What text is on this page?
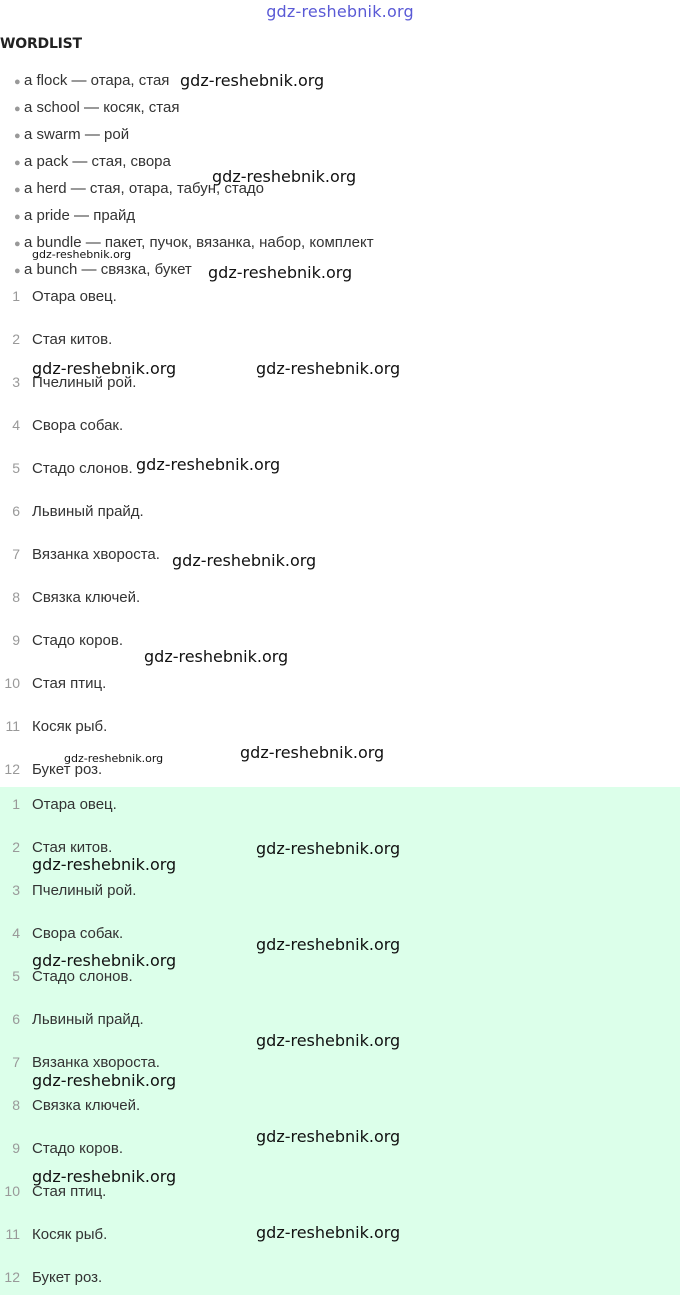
gdz-reshebnik.org
WORDLIST
● a flock — отара, стая
● a school — косяк, стая
● a swarm — рой
● a pack — стая, свора
● a herd — стая, отара, табун, стадо
● a pride — прайд
● a bundle — пакет, пучок, вязанка, набор, комплект
● a bunch — связка, букет
1 Отара овец.
2 Стая китов.
3 Пчелиный рой.
4 Свора собак.
5 Стадо слонов.
6 Львиный прайд.
7 Вязанка хвороста.
8 Связка ключей.
9 Стадо коров.
10 Стая птиц.
11 Косяк рыб.
12 Букет роз.
1 Отара овец.
2 Стая китов.
3 Пчелиный рой.
4 Свора собак.
5 Стадо слонов.
6 Львиный прайд.
7 Вязанка хвороста.
8 Связка ключей.
9 Стадо коров.
10 Стая птиц.
11 Косяк рыб.
12 Букет роз.
gdz-reshebnik.org
gdz-reshebnik.org
gdz-reshebnik.org
gdz-reshebnik.org
gdz-reshebnik.org	gdz-reshebnik.org
gdz-reshebnik.org
gdz-reshebnik.org
gdz-reshebnik.org
gdz-reshebnik.org
gdz-reshebnik.org
gdz-reshebnik.org
gdz-reshebnik.org
gdz-reshebnik.org
gdz-reshebnik.org
gdz-reshebnik.org
gdz-reshebnik.org
gdz-reshebnik.org
gdz-reshebnik.org
gdz-reshebnik.org
